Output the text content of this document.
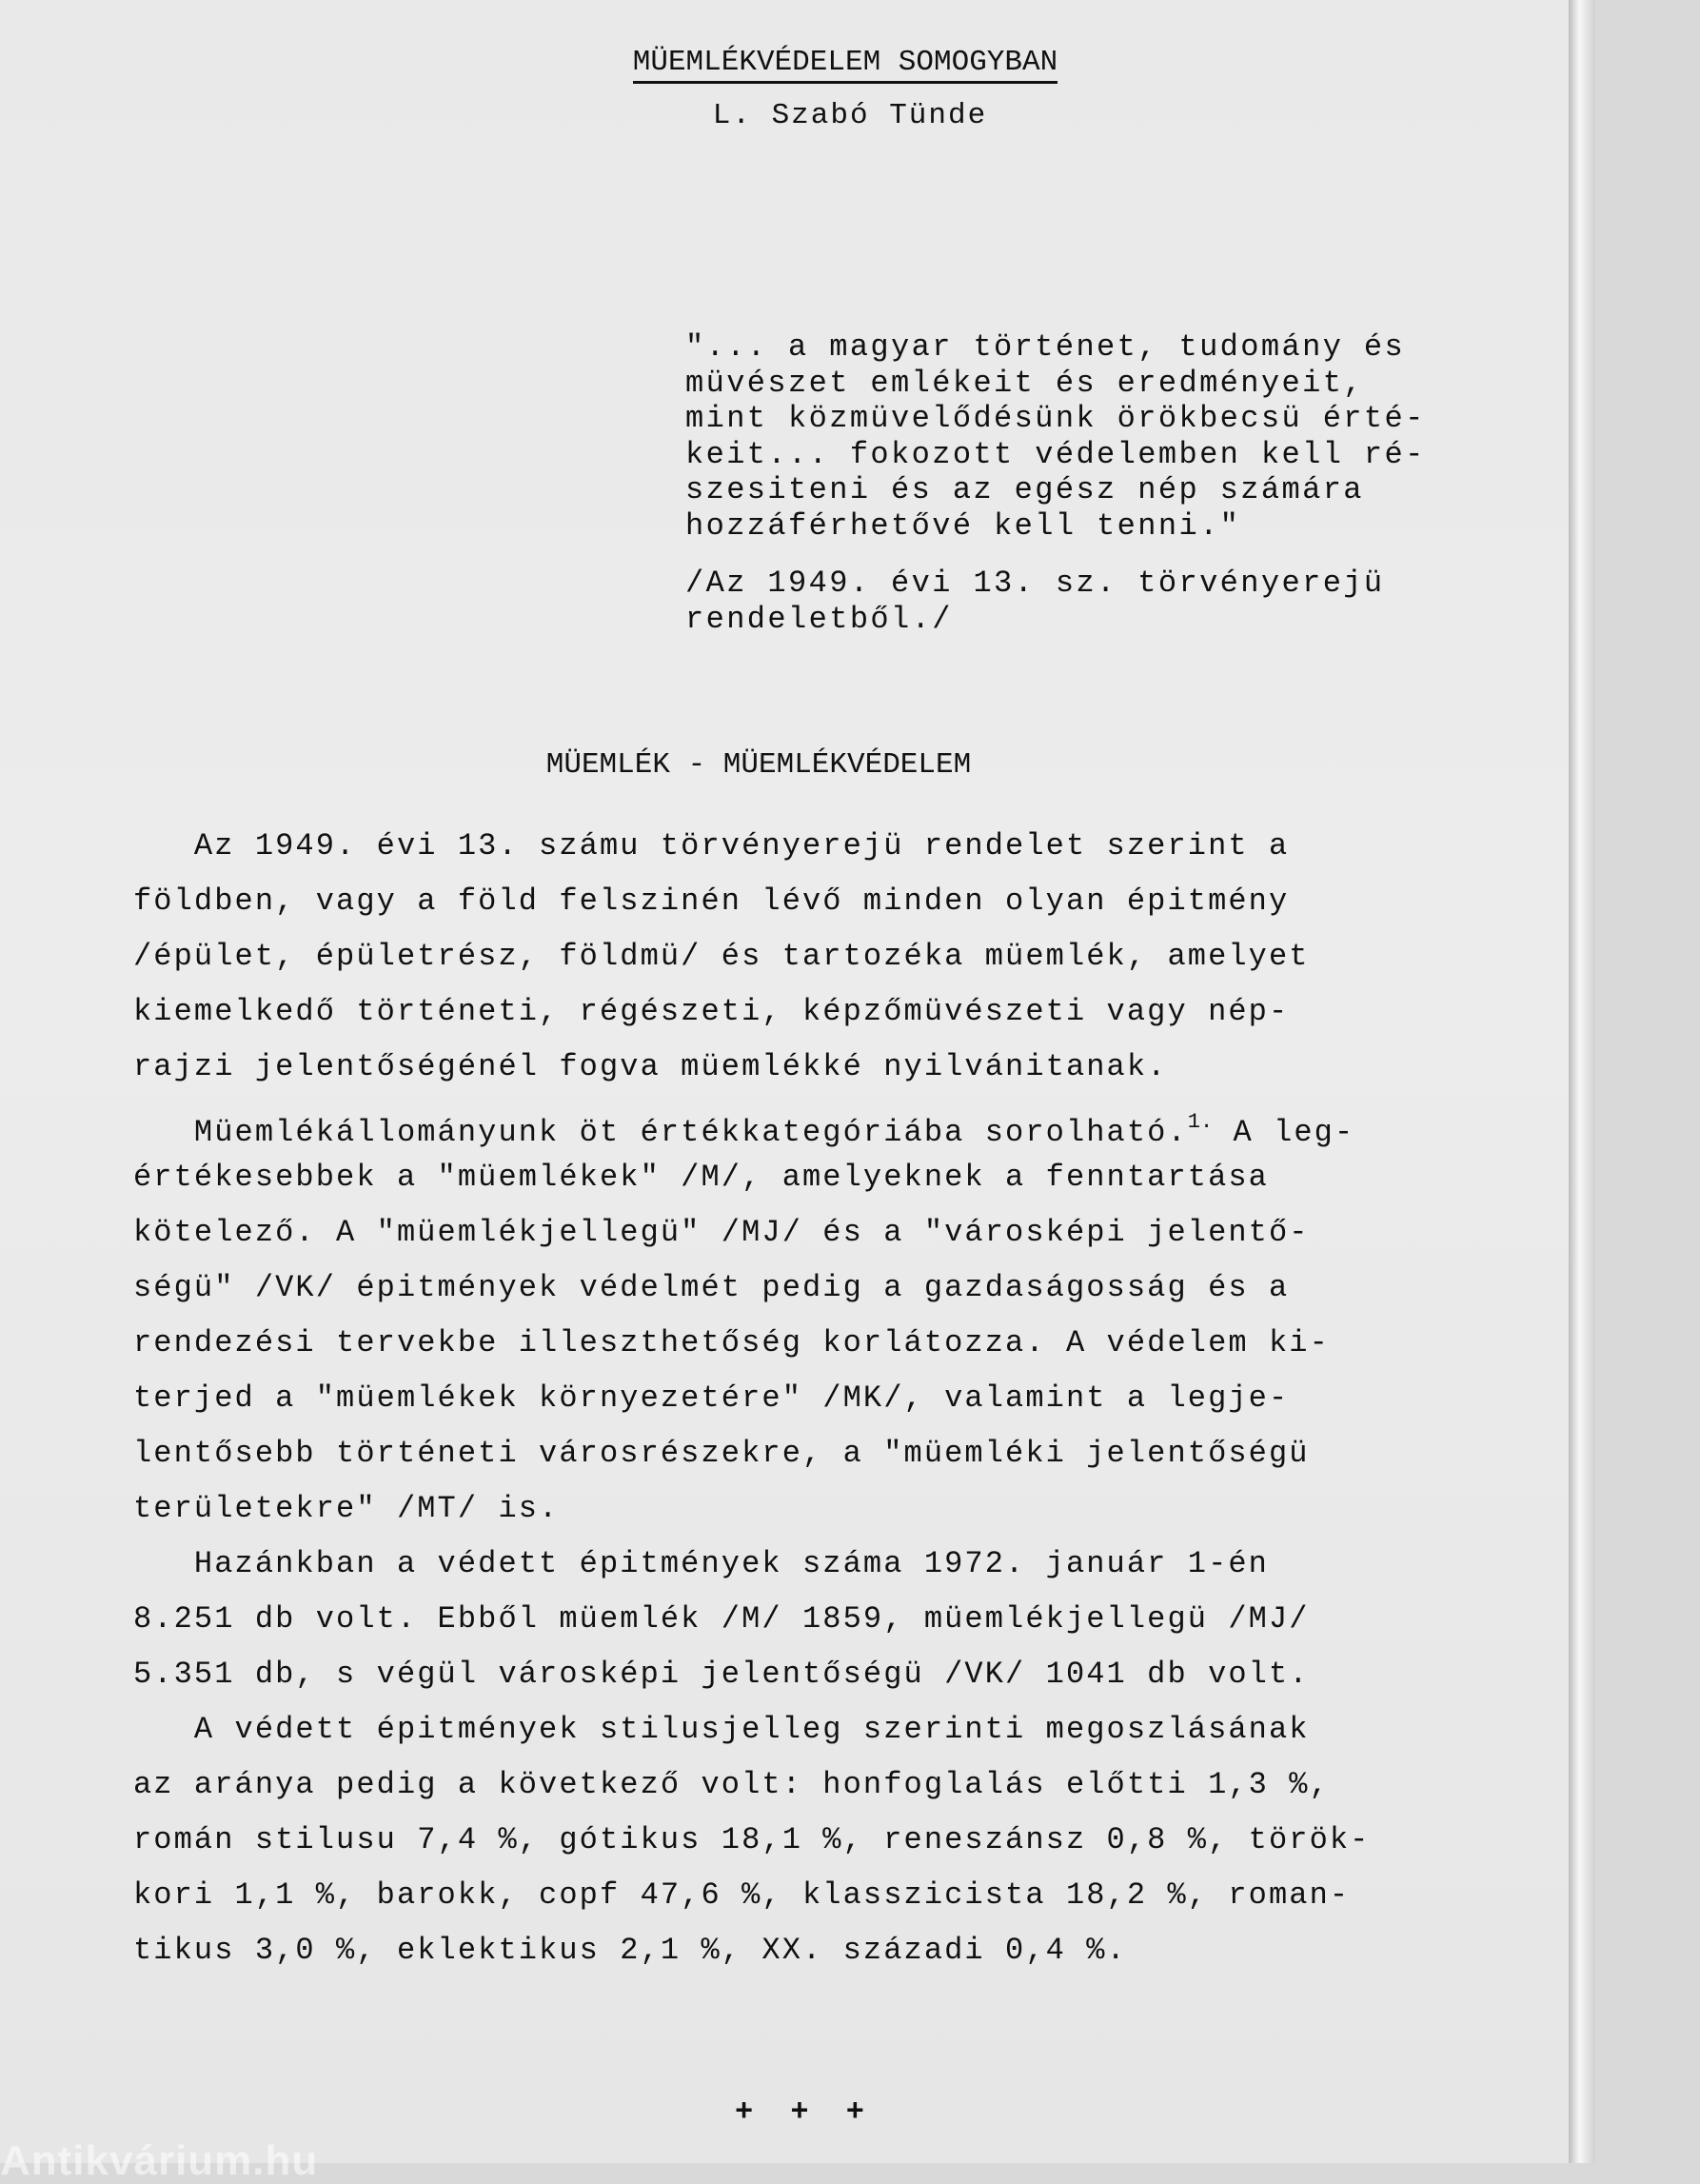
MÜEMLÉKVÉDELEM SOMOGYBAN
L. Szabó Tünde
"... a magyar történet, tudomány és
müvészet emlékeit és eredményeit,
mint közmüvelődésünk örökbecsü érté-
keit... fokozott védelemben kell ré-
szesiteni és az egész nép számára
hozzáférhetővé kell tenni."
/Az 1949. évi 13. sz. törvényerejü
rendeletből./
MÜEMLÉK - MÜEMLÉKVÉDELEM
Az 1949. évi 13. számu törvényerejü rendelet szerint a
földben, vagy a föld felszinén lévő minden olyan épitmény
/épület, épületrész, földmü/ és tartozéka müemlék, amelyet
kiemelkedő történeti, régészeti, képzőmüvészeti vagy nép-
rajzi jelentőségénél fogva müemlékké nyilvánitanak.
Müemlékállományunk öt értékkategóriába sorolható.$^{1.}$ A leg-
értékesebbek a "müemlékek" /M/, amelyeknek a fenntartása
kötelező. A "müemlékjellegü" /MJ/ és a "városképi jelentő-
ségü" /VK/ épitmények védelmét pedig a gazdaságosság és a
rendezési tervekbe illeszthetőség korlátozza. A védelem ki-
terjed a "müemlékek környezetére" /MK/, valamint a legje-
lentősebb történeti városrészekre, a "müemléki jelentőségü
területekre" /MT/ is.
Hazánkban a védett épitmények száma 1972. január 1-én
8.251 db volt. Ebből müemlék /M/ 1859, müemlékjellegü /MJ/
5.351 db, s végül városképi jelentőségü /VK/ 1041 db volt.
A védett épitmények stilusjelleg szerinti megoszlásának
az aránya pedig a következő volt: honfoglalás előtti 1,3 %,
román stilusu 7,4 %, gótikus 18,1 %, reneszánsz 0,8 %, török-
kori 1,1 %, barokk, copf 47,6 %, klasszicista 18,2 %, roman-
tikus 3,0 %, eklektikus 2,1 %, XX. századi 0,4 %.
+ + +
Antikvárium.hu
